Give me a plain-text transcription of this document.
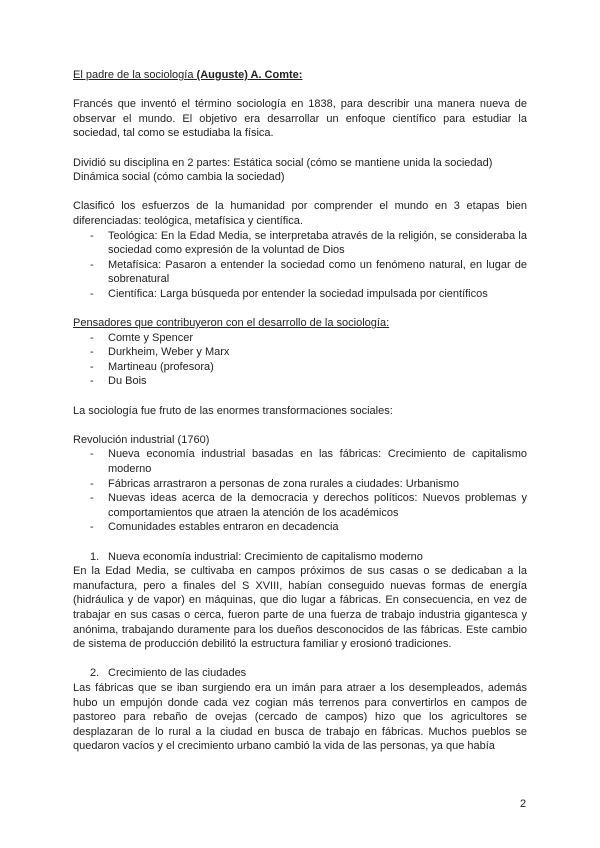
El padre de la sociología (Auguste) A. Comte:

Francés que inventó el término sociología en 1838, para describir una manera nueva de observar el mundo. El objetivo era desarrollar un enfoque científico para estudiar la sociedad, tal como se estudiaba la física.

Dividió su disciplina en 2 partes: Estática social (cómo se mantiene unida la sociedad)

Dinámica social (cómo cambia la sociedad)

Clasificó los esfuerzos de la humanidad por comprender el mundo en 3 etapas bien diferenciadas: teológica, metafísica y científica.

- Teológica: En la Edad Media, se interpretaba através de la religión, se consideraba la sociedad como expresión de la voluntad de Dios
- Metafísica: Pasaron a entender la sociedad como un fenómeno natural, en lugar de sobrenatural
- Científica: Larga búsqueda por entender la sociedad impulsada por científicos

Pensadores que contribuyeron con el desarrollo de la sociología:

- Comte y Spencer
- Durkheim, Weber y Marx
- Martineau (profesora)
- Du Bois

La sociología fue fruto de las enormes transformaciones sociales:

Revolución industrial (1760)

- Nueva economía industrial basadas en las fábricas: Crecimiento de capitalismo moderno
- Fábricas arrastraron a personas de zona rurales a ciudades: Urbanismo
- Nuevas ideas acerca de la democracia y derechos políticos: Nuevos problemas y comportamientos que atraen la atención de los académicos
- Comunidades estables entraron en decadencia
1. Nueva economía industrial: Crecimiento de capitalismo moderno

En la Edad Media, se cultivaba en campos próximos de sus casas o se dedicaban a la manufactura, pero a finales del S XVIII, habían conseguido nuevas formas de energía (hidráulica y de vapor) en máquinas, que dio lugar a fábricas. En consecuencia, en vez de trabajar en sus casas o cerca, fueron parte de una fuerza de trabajo industria gigantesca y anónima, trabajando duramente para los dueños desconocidos de las fábricas. Este cambio de sistema de producción debilitó la estructura familiar y erosionó tradiciones.

2. Crecimiento de las ciudades

Las fábricas que se iban surgiendo era un imán para atraer a los desempleados, además hubo un empujón donde cada vez cogian más terrenos para convertirlos en campos de pastoreo para rebaño de ovejas (cercado de campos) hizo que los agricultores se desplazaran de lo rural a la ciudad en busca de trabajo en fábricas. Muchos pueblos se quedaron vacíos y el crecimiento urbano cambió la vida de las personas, ya que había

2
